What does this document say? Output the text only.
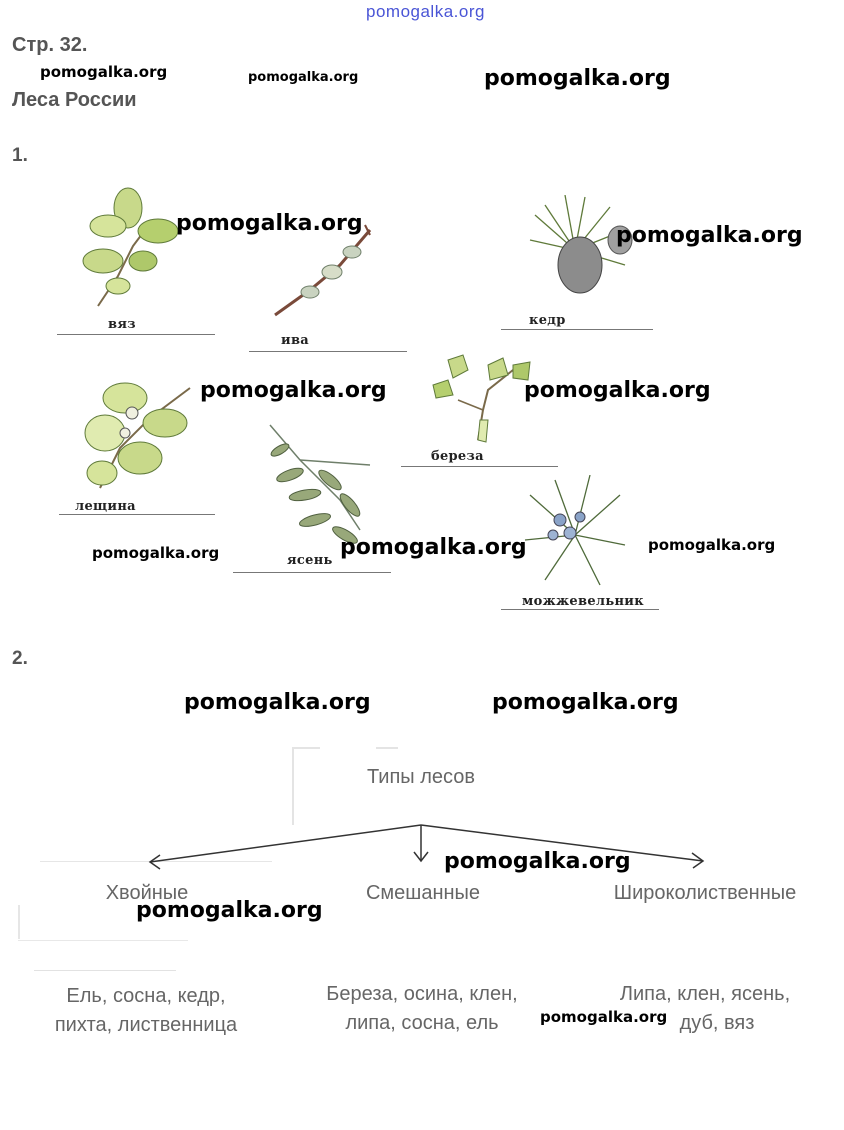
pomogalka.org
Стр. 32.
Леса России
pomogalka.org	pomogalka.org	pomogalka.org
1.
вяз
ива
кедр
лещина
береза
ясень
можжевельник
pomogalka.org	pomogalka.org
pomogalka.org	pomogalka.org
pomogalka.org	pomogalka.org	pomogalka.org
2.
pomogalka.org	pomogalka.org
Типы лесов
Хвойные	Смешанные	Широколиственные
Ель, сосна, кедр,
пихта, лиственница
Береза, осина, клен,
липа, сосна, ель
Липа, клен, ясень,
дуб, вяз
pomogalka.org
pomogalka.org
pomogalka.org
